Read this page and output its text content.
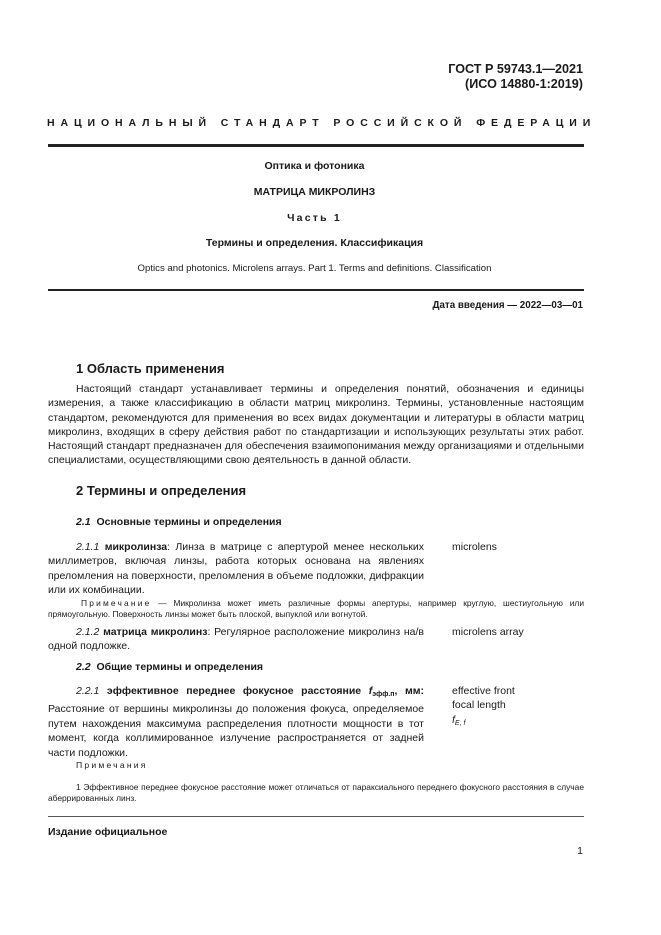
ГОСТ Р 59743.1—2021
(ИСО 14880-1:2019)
НАЦИОНАЛЬНЫЙ СТАНДАРТ РОССИЙСКОЙ ФЕДЕРАЦИИ
Оптика и фотоника
МАТРИЦА МИКРОЛИНЗ
Часть 1
Термины и определения. Классификация
Optics and photonics. Microlens arrays. Part 1. Terms and definitions. Classification
Дата введения — 2022—03—01
1 Область применения
Настоящий стандарт устанавливает термины и определения понятий, обозначения и единицы измерения, а также классификацию в области матриц микролинз. Термины, установленные настоящим стандартом, рекомендуются для применения во всех видах документации и литературы в области матриц микролинз, входящих в сферу действия работ по стандартизации и использующих результаты этих работ. Настоящий стандарт предназначен для обеспечения взаимопонимания между организациями и отдельными специалистами, осуществляющими свою деятельность в данной области.
2 Термины и определения
2.1 Основные термины и определения
2.1.1 микролинза: Линза в матрице с апертурой менее нескольких миллиметров, включая линзы, работа которых основана на явлениях преломления на поверхности, преломления в объеме подложки, дифракции или их комбинации.
microlens
Примечание — Микролинза может иметь различные формы апертуры, например круглую, шестиугольную или прямоугольную. Поверхность линзы может быть плоской, выпуклой или вогнутой.
2.1.2 матрица микролинз: Регулярное расположение микролинз на/в одной подложке.
microlens array
2.2 Общие термины и определения
2.2.1 эффективное переднее фокусное расстояние $f_{эфф.п}$, мм: Расстояние от вершины микролинзы до положения фокуса, определяемое путем нахождения максимума распределения плотности мощности в тот момент, когда коллимированное излучение распространяется от задней части подложки.
effective front
focal length
$f_{E, f}$
Примечания
1 Эффективное переднее фокусное расстояние может отличаться от параксиального переднего фокусного расстояния в случае аберрированных линз.
Издание официальное
1
